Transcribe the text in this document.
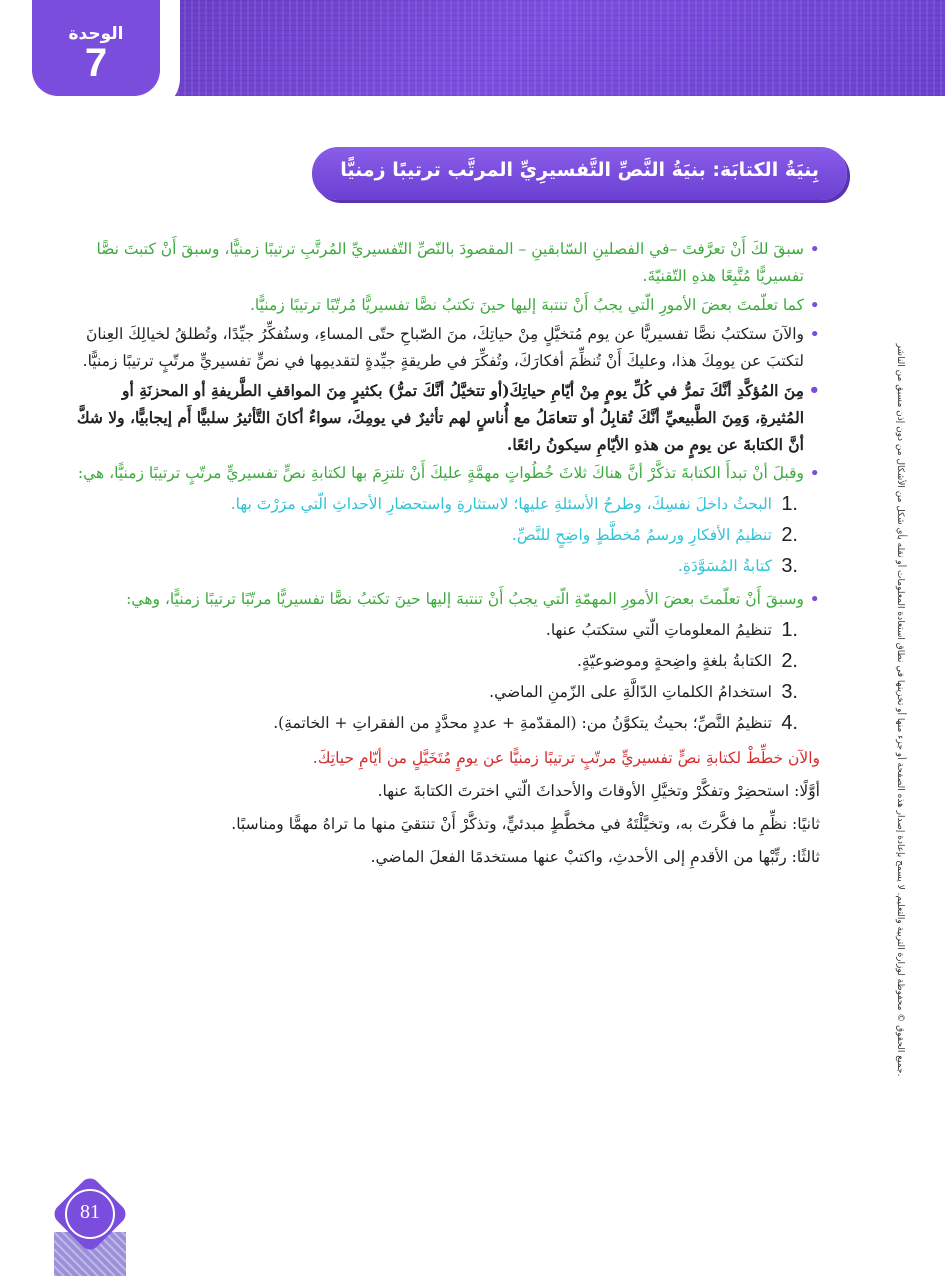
الوحدة
7
بِنيَةُ الكتابَة: بنيَةُ النَّصِّ التَّفسيرِيِّ المرتَّب ترتيبًا زمنيًّا
جميع الحقوق © محفوظة لوزارة التربية والتعليم. لا يسمح بإعادة إصدار هذه الصفحة أو جزء منها أو تخزينها في نطاق استعادة المعلومات أو نقله بأي شكل من الأشكال من دون إذن مسبق من الناشر.

• سبقَ لكَ أَنْ تعرَّفتَ –في الفصلينِ السّابقينِ – المقصودَ بالنّصِّ التّفسيريِّ المُرتَّبِ ترتيبًا زمنيًّا، وسبقَ أَنْ كتبتَ نصًّا تفسيريًّا مُتَّبِعًا هذهِ التّقنيّةَ.

• كما تعلّمتَ بعضَ الأمورِ الّتي يجبُ أَنْ تنتبهَ إليها حينَ تكتبُ نصًّا تفسيريًّا مُرتّبًا ترتيبًا زمنيًّا.

• والآنَ ستكتبُ نصًّا تفسيريًّا عن يوم مُتخيَّلٍ مِنْ حياتِكَ، منَ الصّباحِ حتّى المساءِ، وستُفكِّرُ جيِّدًا، وتُطلقُ لخيالِكَ العِنانَ لتكتبَ عن يومِكَ هذا، وعليكَ أَنْ تُنظِّمَ أفكارَكَ، وتُفكِّرَ في طريقةٍ جيِّدةٍ لتقديمِها في نصٍّ تفسيريٍّ مرتّبٍ ترتيبًا زمنيًّا.

• مِنَ المُؤكَّدِ أنَّكَ تمرُّ في كُلِّ يومٍ مِنْ أيّامِ حياتِكَ(أو تتخيَّلُ أنَّكَ تمرُّ) بكثيرٍ مِنَ المواقفِ الطَّريفةِ أو المحزنَةِ أو المُثيرةِ، وَمِنَ الطَّبيعيِّ أنَّكَ تُقابِلُ أو تتعامَلُ مع أُناسٍ لهم تأثيرٌ في يومِكَ، سواءٌ أكانَ التَّأثيرُ سلبيًّا أَم إيجابيًّا، ولا شكَّ أنَّ الكتابةَ عن يومٍ من هذهِ الأيّامِ سيكونُ رائعًا.

• وقبلَ أنْ تبدأَ الكتابةَ تذكَّرْ أنَّ هناكَ ثلاثَ خُطُواتٍ مهمَّةٍ عليكَ أَنْ تلتزِمَ بها لكتابةِ نصٍّ تفسيريٍّ مرتّبٍ ترتيبًا زمنيًّا، هي:

1.
البحثُ داخلَ نفسِكَ، وطرحُ الأسئلةِ عليها؛ لاستثارةِ واستحضارِ الأحداثِ الّتي مرَرْتَ بها.
2.
تنظيمُ الأفكارِ ورسمُ مُخطَّطٍ واضِحٍ للنَّصِّ.
3.
كتابةُ المُسَوَّدَةِ.

• وسبقَ أَنْ تعلّمتَ بعضَ الأمورِ المهمّةِ الّتي يجبُ أَنْ تنتبهَ إليها حينَ تكتبُ نصًّا تفسيريًّا مرتّبًا ترتيبًا زمنيًّا، وهي:

1.
تنظيمُ المعلوماتِ الّتي ستكتبُ عنها.
2.
الكتابةُ بلغةٍ واضِحةٍ وموضوعيّةٍ.
3.
استخدامُ الكلماتِ الدّالَّةِ على الزّمنِ الماضي.
4.
تنظيمُ النَّصِّ؛ بحيثُ يتكوَّنُ من: (المقدّمةِ + عددٍ محدَّدٍ من الفقراتِ + الخاتمةِ).

والآن خطِّطْ لكتابةِ نصٍّ تفسيريٍّ مرتّبٍ ترتيبًا زمنيًّا عن يومٍ مُتَخَيَّلٍ من أيّامِ حياتِكَ.

أوَّلًا: استحضِرْ وتفكَّرْ وتخيَّلِ الأوقاتَ والأحداثَ الّتي اخترتَ الكتابةَ عنها.

ثانيًا: نظِّمِ ما فكَّرتَ به، وتخيَّلْتَهُ في مخطَّطٍ مبدئيٍّ، وتذكَّرْ أَنْ تنتقيَ منها ما تراهُ مهمًّا ومناسبًا.

ثالثًا: رتِّبْها من الأقدمِ إلى الأحدثِ، واكتبْ عنها مستخدمًا الفعلَ الماضي.

81
